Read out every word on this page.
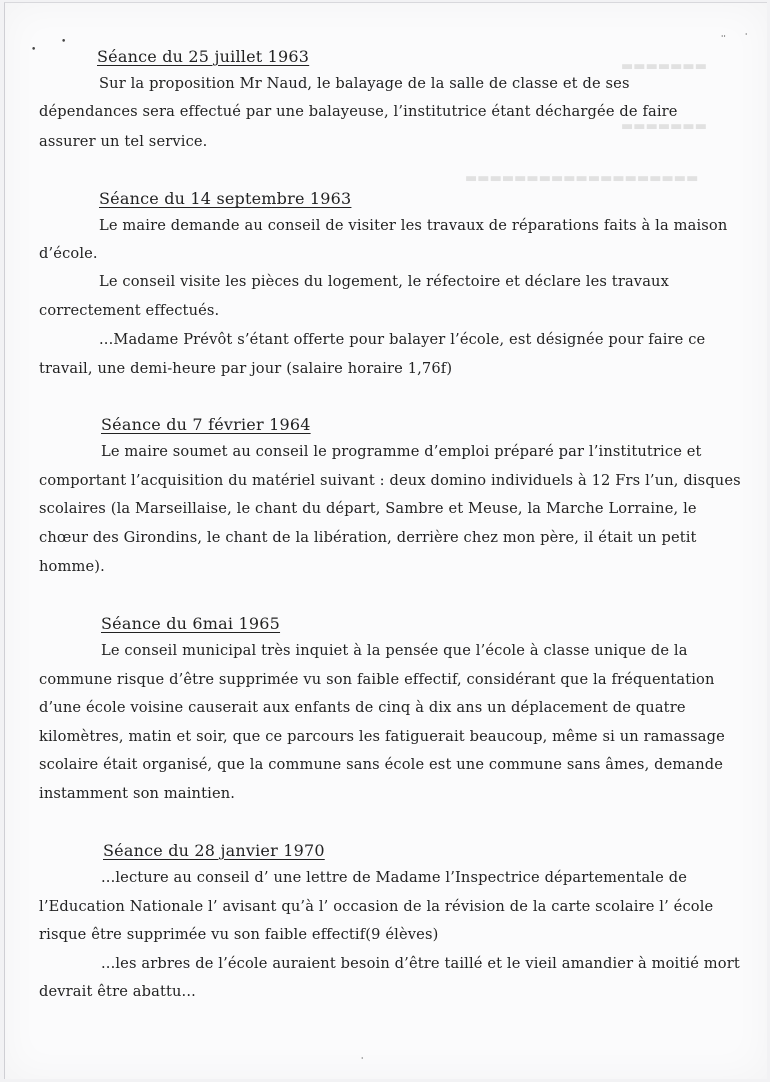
▬▬▬▬▬▬▬
▬▬▬▬▬▬▬
▬▬▬▬▬▬▬▬▬▬▬▬▬▬▬▬▬▬▬
•
•	⸱⸱ ⸱
Séance du 25 juillet 1963
Sur la proposition Mr Naud, le balayage de la salle de classe et de ses
dépendances sera effectué par une balayeuse, l’institutrice étant déchargée de faire
assurer un tel service.
Séance du 14 septembre 1963
Le maire demande au conseil de visiter les travaux de réparations faits à la maison
d’école.
Le conseil visite les pièces du logement, le réfectoire et déclare les travaux
correctement effectués.
...Madame Prévôt s’étant offerte pour balayer l’école, est désignée pour faire ce
travail, une demi-heure par jour (salaire horaire 1,76f)
Séance du 7 février 1964
Le maire soumet au conseil le programme d’emploi préparé par l’institutrice et
comportant l’acquisition du matériel suivant : deux domino individuels à 12 Frs l’un, disques
scolaires (la Marseillaise, le chant du départ, Sambre et Meuse, la Marche Lorraine, le
chœur des Girondins, le chant de la libération, derrière chez mon père, il était un petit
homme).
Séance du 6mai 1965
Le conseil municipal très inquiet à la pensée que l’école à classe unique de la
commune risque d’être supprimée vu son faible effectif, considérant que la fréquentation
d’une école voisine causerait aux enfants de cinq à dix ans un déplacement de quatre
kilomètres, matin et soir, que ce parcours les fatiguerait beaucoup, même si un ramassage
scolaire était organisé, que la commune sans école est une commune sans âmes, demande
instamment son maintien.
Séance du 28 janvier 1970
...lecture au conseil d’ une lettre de Madame l’Inspectrice départementale de
l’Education Nationale l’ avisant qu’à l’ occasion de la révision de la carte scolaire l’ école
risque être supprimée vu son faible effectif(9 élèves)
...les arbres de l’école auraient besoin d’être taillé et le vieil amandier à moitié mort
devrait être abattu...
⸱
